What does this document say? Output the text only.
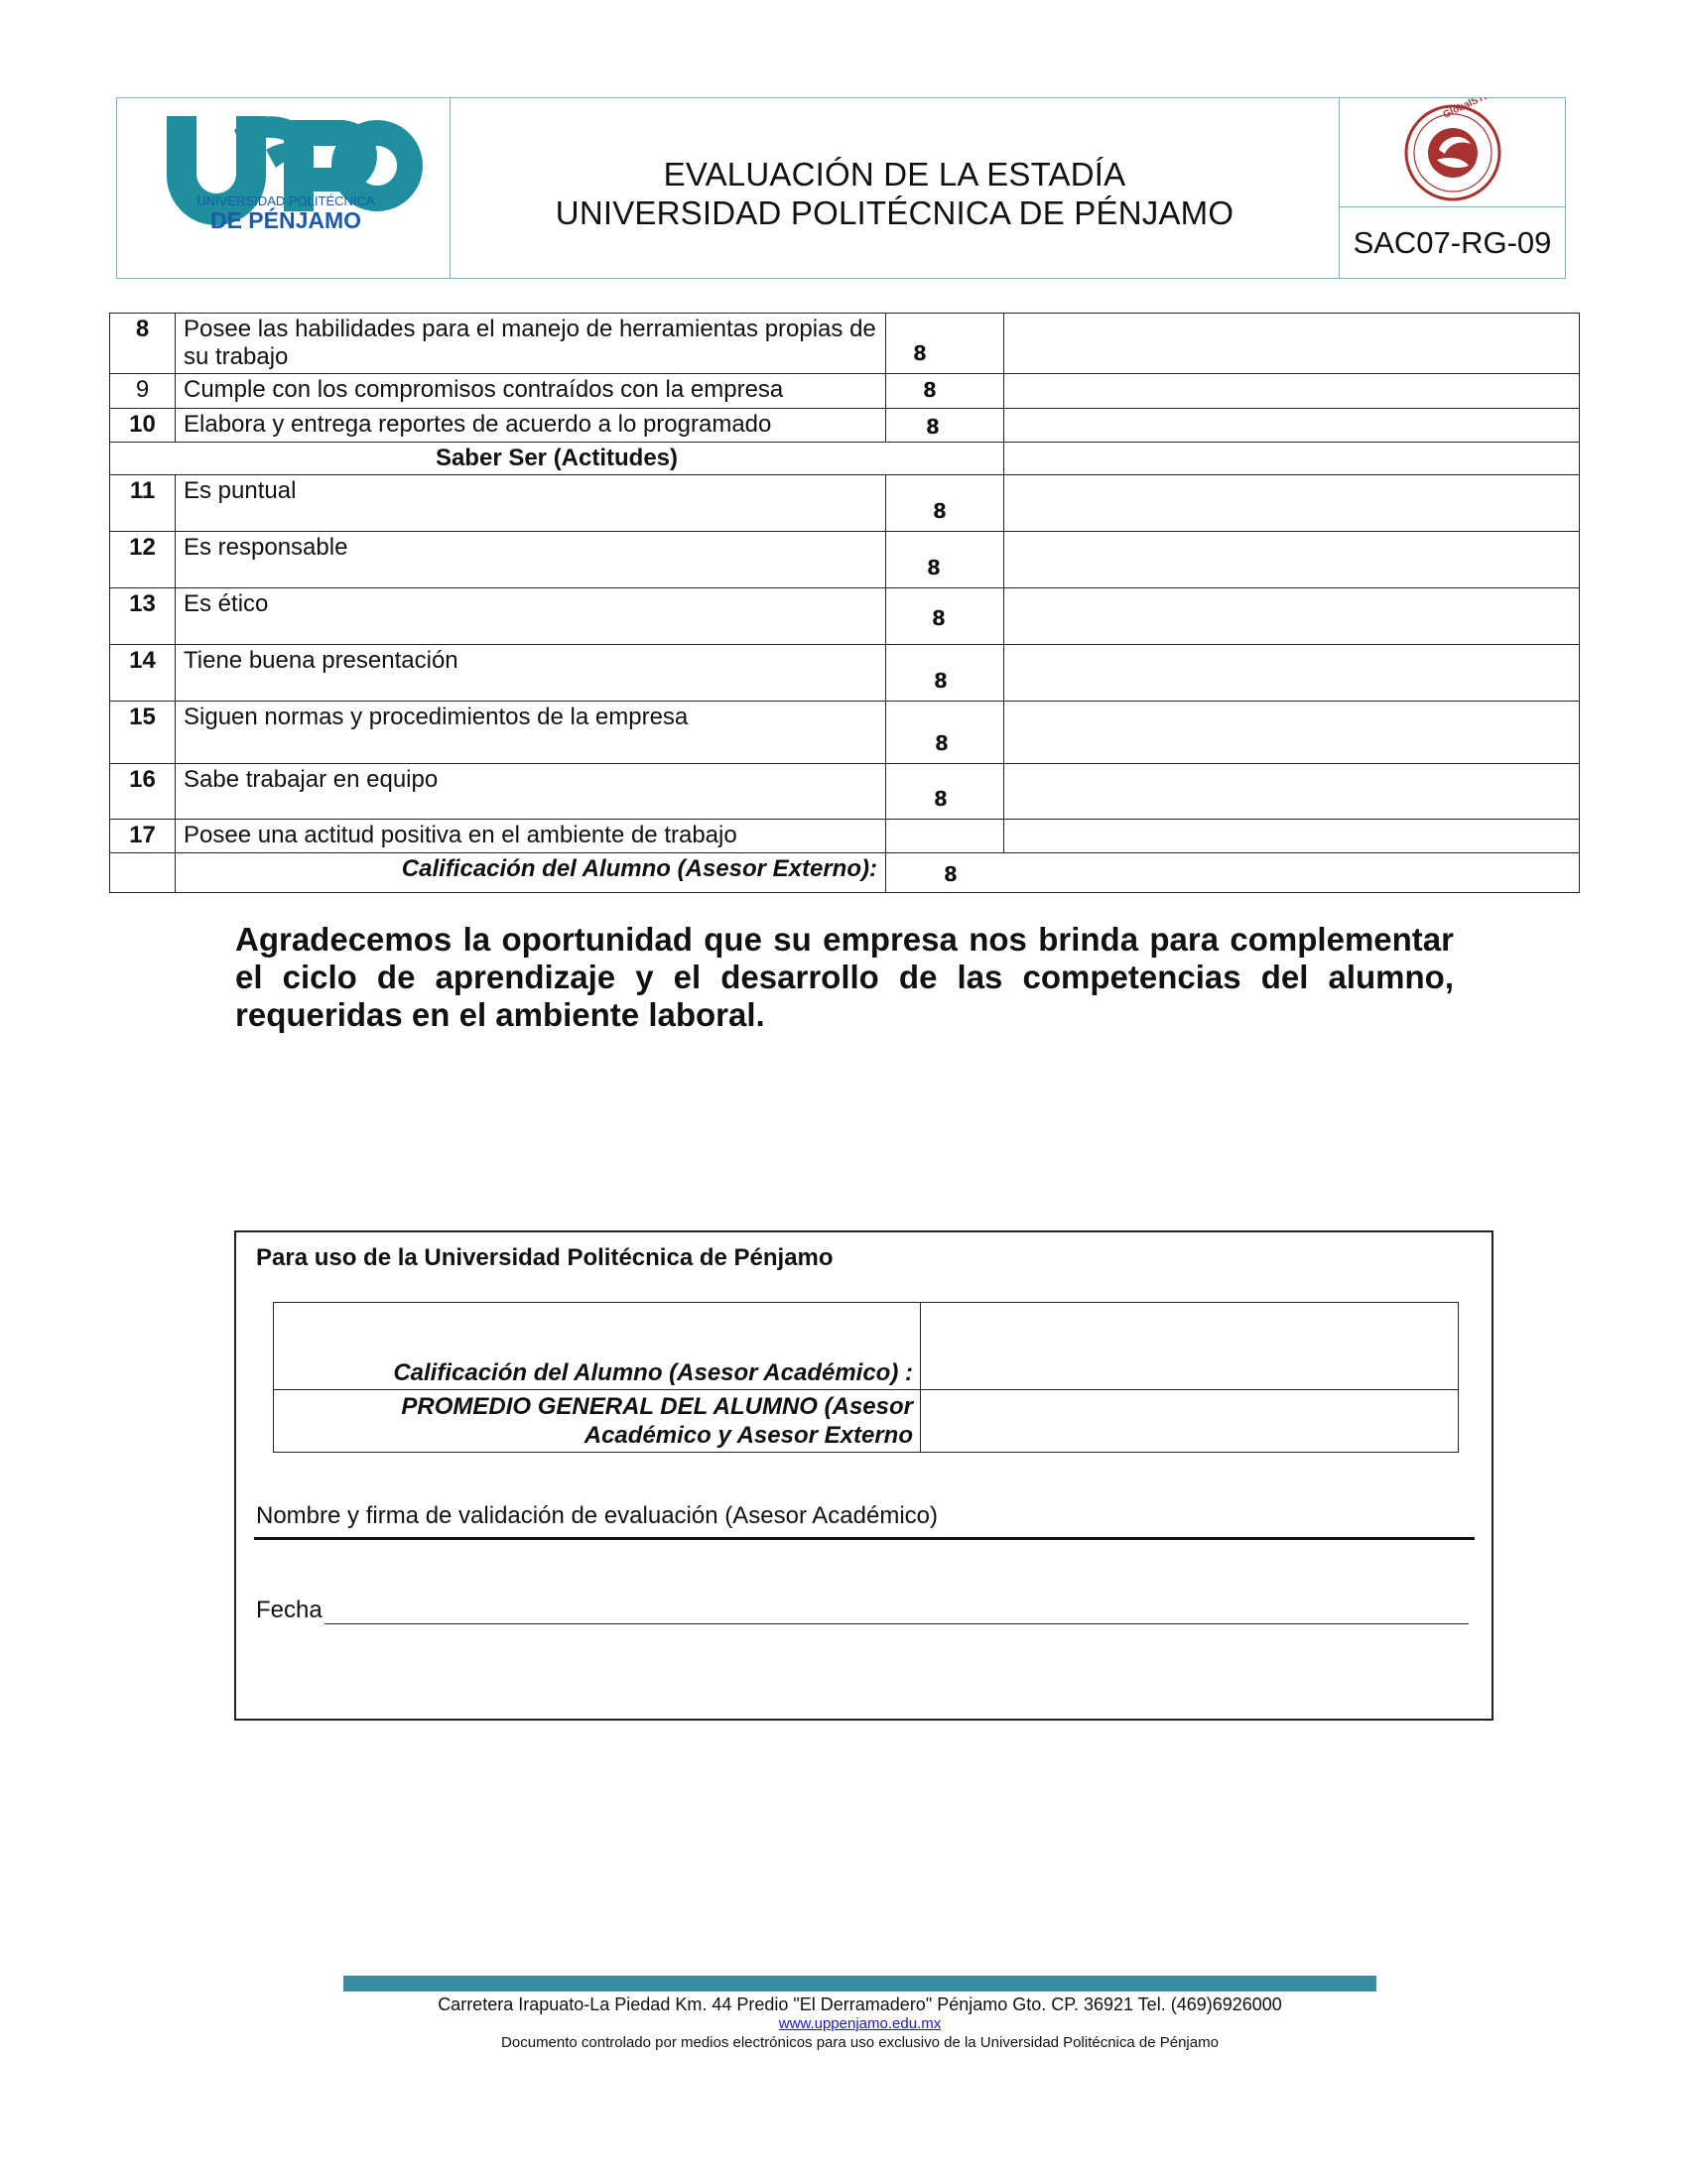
UNIVERSIDAD POLITÉCNICA
DE PÉNJAMO
EVALUACIÓN DE LA ESTADÍA
UNIVERSIDAD POLITÉCNICA DE PÉNJAMO
GlobalSTD
SAC07-RG-09
8	Posee las habilidades para el manejo de herramientas propias de su trabajo	8	
9	Cumple con los compromisos contraídos con la empresa	8	
10	Elabora y entrega reportes de acuerdo a lo programado	8	
Saber Ser (Actitudes)			
11	Es puntual	8	
12	Es responsable	8	
13	Es ético	8	
14	Tiene buena presentación	8	
15	Siguen normas y procedimientos de la empresa	8	
16	Sabe trabajar en equipo	8	
17	Posee una actitud positiva en el ambiente de trabajo		
	Calificación del Alumno (Asesor Externo):	8	
Agradecemos la oportunidad que su empresa nos brinda para complementar el ciclo de aprendizaje y el desarrollo de las competencias del alumno, requeridas en el ambiente laboral.
Para uso de la Universidad Politécnica de Pénjamo
Calificación del Alumno (Asesor Académico) :	
PROMEDIO GENERAL DEL ALUMNO (Asesor Académico y Asesor Externo	
Nombre y firma de validación de evaluación (Asesor Académico)
Fecha
Carretera Irapuato-La Piedad Km. 44 Predio "El Derramadero" Pénjamo Gto. CP. 36921 Tel. (469)6926000
www.uppenjamo.edu.mx
Documento controlado por medios electrónicos para uso exclusivo de la Universidad Politécnica de Pénjamo
